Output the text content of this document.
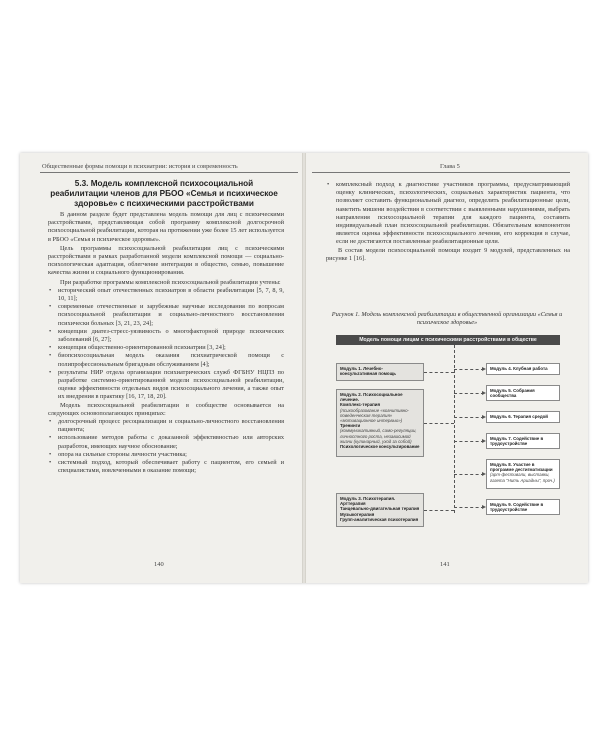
Общественные формы помощи в психиатрии: история и современность
5.3. Модель комплексной психосоциальной реабилитации членов для РБОО «Семья и психическое здоровье» с психическими расстройствами

В данном разделе будет представлена модель помощи для лиц с психическими расстройствами, представляющая собой программу комплексной долгосрочной психосоциальной реабилитации, которая на протяжении уже более 15 лет используется в РБОО «Семья и психическое здоровье».

Цель программы психосоциальной реабилитации лиц с психическими расстройствами в рамках разработанной модели комплексной помощи — социально-психологическая адаптация, облегчение интеграции в общество, семью, повышение качества жизни и социального функционирования.

При разработке программы комплексной психосоциальной реабилитации учтены:

• исторический опыт отечественных психиатров в области реабилитации [5, 7, 8, 9, 10, 11];
• современные отечественные и зарубежные научные исследования по вопросам психосоциальной реабилитации и социально-личностного восстановления психически больных [3, 21, 23, 24];
• концепции диатез-стресс-уязвимость о многофакторной природе психических заболеваний [6, 27];
• концепция общественно-ориентированной психиатрии [3, 24];
• биопсихосоциальная модель оказания психиатрической помощи с полипрофессиональным бригадным обслуживанием [4];
• результаты НИР отдела организации психиатрических служб ФГБНУ НЦПЗ по разработке системно-ориентированной модели психосоциальной реабилитации, оценке эффективности отдельных видов психосоциального лечения, а также опыт их внедрения в практику [16, 17, 18, 20].

Модель психосоциальной реабилитации в сообществе основывается на следующих основополагающих принципах:

• долгосрочный процесс ресоциализации и социально-личностного восстановления пациента;
• использование методов работы с доказанной эффективностью или авторских разработок, имеющих научное обоснование;
• опора на сильные стороны личности участника;
• системный подход, который обеспечивает работу с пациентом, его семьей и специалистами, вовлеченными в оказание помощи;
140
Глава 5
• комплексный подход к диагностике участников программы, предусматривающий оценку клинических, психологических, социальных характеристик пациента, что позволяет составить функциональный диагноз, определить реабилитационные цели, наметить мишени воздействия в соответствии с выявленными нарушениями, выбрать направления психосоциальной терапии для каждого пациента, составить индивидуальный план психосоциальной реабилитации. Обязательным компонентом является оценка эффективности психосоциального лечения, его коррекция в случае, если не достигаются поставленные реабилитационные цели.

В состав модели психосоциальной помощи входит 9 модулей, представленных на рисунке 1 [16].

Рисунок 1. Модель комплексной реабилитации в общественной организации «Семья и психическое здоровье»
Модель помощи лицам с психическими расстройствами в обществе
Модуль 1. Лечебно-консультативная помощь
Модуль 2. Психосоциальное лечение.
Комплекс-терапия
(психообразование «когнитивно-поведенческая терапия» «мотивационное интервью»)
Тренинги
(коммуникативный, само-регуляции, личностного роста, независимой жизни (кулинарный, уход за собой)
Психологическое консультирование
Модуль 3. Психотерапия.
Арттерапия
Танцевально-двигательная терапия
Музыкотерапия
Групп-аналитическая психотерапия
Модуль 4. Клубная работа
Модуль 5. Собрания сообщества
Модуль 6. Терапия средой
Модуль 7. Содействие в трудоустройстве
Модуль 8. Участие в программе дестигматизации
(арт-фестивали, выставки, газета "Нить Ариадны", проч.)
Модуль 9. Содействие в трудоустройстве
141
